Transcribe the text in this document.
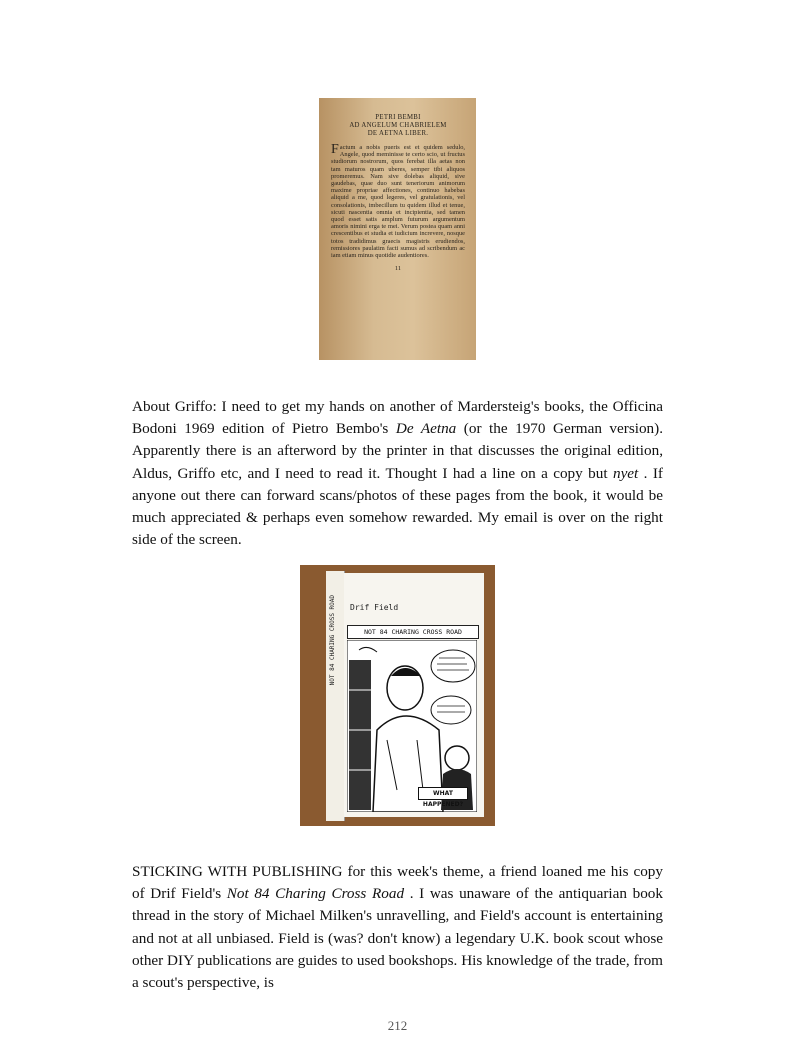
PETRI BEMBI
AD ANGELUM CHABRIELEM
DE AETNA LIBER.
Factum a nobis pueris est et quidem sedulo, Angele, quod meminisse te certo scio, ut fructus studiorum nostrorum, quos ferebat illa aetas non tam maturos quam uberes, semper tibi aliquos promeremus. Nam sive dolebas aliquid, sive gaudebas, quae duo sunt teneriorum animorum maxime propriae affectiones, continuo habebas aliquid a me, quod legeres, vel gratulationis, vel consolationis, imbecillum tu quidem illud et tenue, sicuti nascentia omnia et incipientia, sed tamen quod esset satis amplum futurum argumentum amoris nimini erga te mei. Verum postea quam anni crescentibus et studia et iudicium increvere, nosque totos tradidimus graecis magistris erudiendos, remissiores paulatim facti sumus ad scribendum ac iam etiam minus quotidie audentiores.
11

About Griffo: I need to get my hands on another of Mardersteig's books, the Officina Bodoni 1969 edition of Pietro Bembo's De Aetna (or the 1970 German version). Apparently there is an afterword by the printer in that discusses the original edition, Aldus, Griffo etc, and I need to read it. Thought I had a line on a copy but nyet . If anyone out there can forward scans/photos of these pages from the book, it would be much appreciated & perhaps even somehow rewarded. My email is over on the right side of the screen.

NOT 84 CHARING CROSS ROAD	Drif Field
NOT 84 CHARING CROSS ROAD
WHAT HAPPENED?

STICKING WITH PUBLISHING for this week's theme, a friend loaned me his copy of Drif Field's Not 84 Charing Cross Road . I was unaware of the antiquarian book thread in the story of Michael Milken's unravelling, and Field's account is entertaining and not at all unbiased. Field is (was? don't know) a legendary U.K. book scout whose other DIY publications are guides to used bookshops. His knowledge of the trade, from a scout's perspective, is

212
